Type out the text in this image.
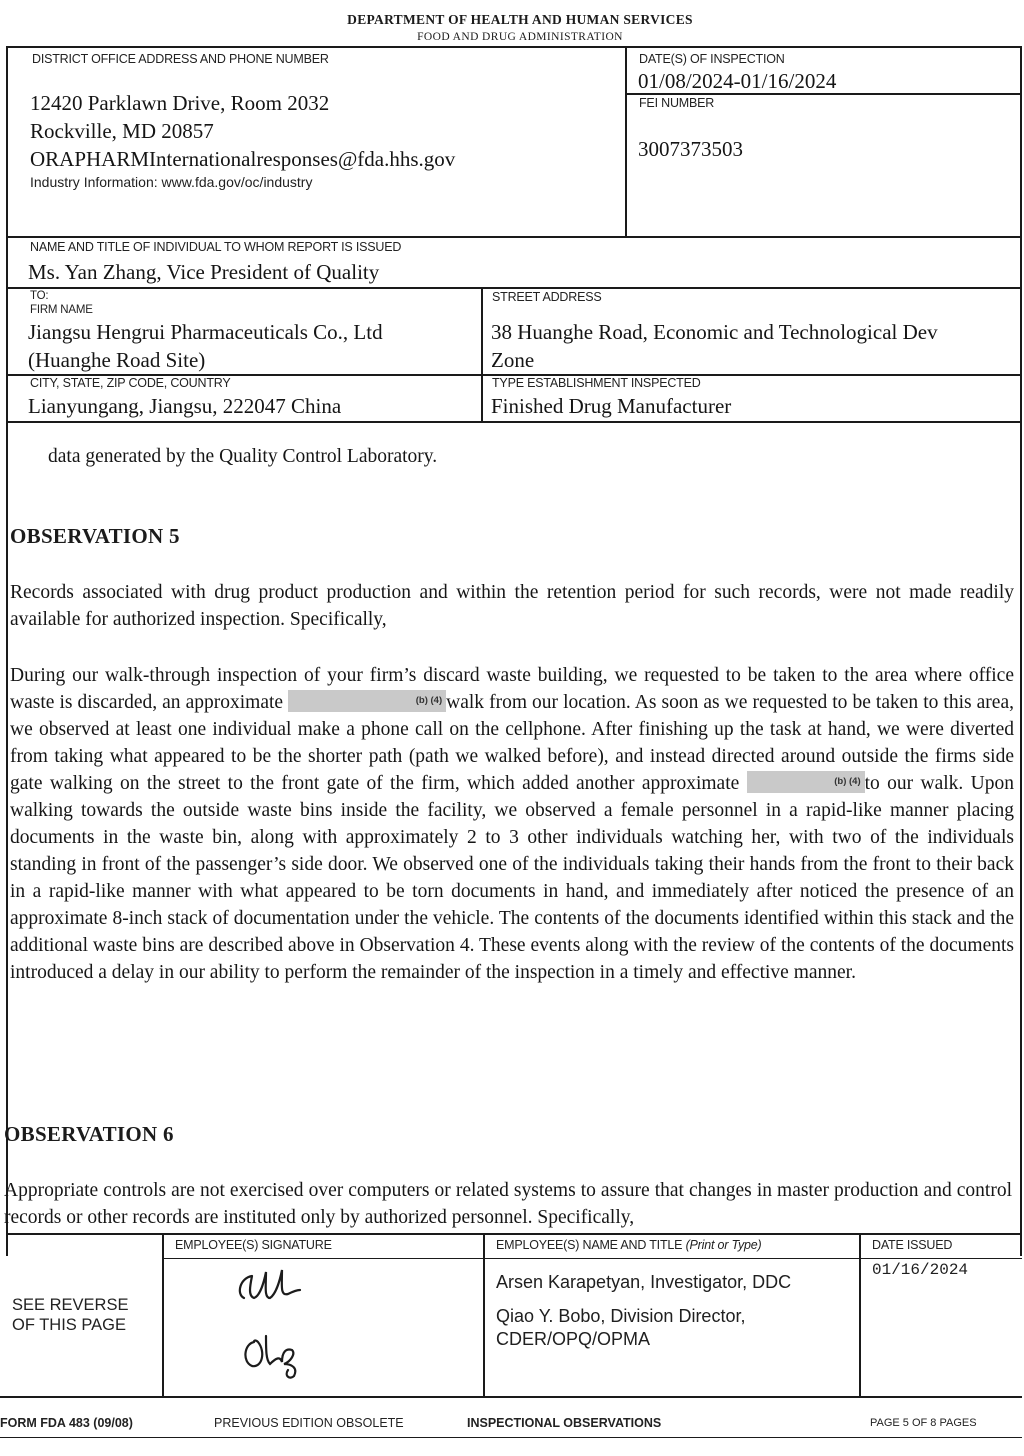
DEPARTMENT OF HEALTH AND HUMAN SERVICES
FOOD AND DRUG ADMINISTRATION
DISTRICT OFFICE ADDRESS AND PHONE NUMBER
12420 Parklawn Drive, Room 2032
Rockville, MD 20857
ORAPHARMInternationalresponses@fda.hhs.gov
Industry Information: www.fda.gov/oc/industry
DATE(S) OF INSPECTION
01/08/2024-01/16/2024
FEI NUMBER
3007373503
NAME AND TITLE OF INDIVIDUAL TO WHOM REPORT IS ISSUED
Ms. Yan Zhang, Vice President of Quality
TO:
FIRM NAME
Jiangsu Hengrui Pharmaceuticals Co., Ltd
(Huanghe Road Site)
STREET ADDRESS
38 Huanghe Road, Economic and Technological Dev
Zone
CITY, STATE, ZIP CODE, COUNTRY
Lianyungang, Jiangsu, 222047 China
TYPE ESTABLISHMENT INSPECTED
Finished Drug Manufacturer
data generated by the Quality Control Laboratory.
OBSERVATION 5
Records associated with drug product production and within the retention period for such records, were not made readily available for authorized inspection. Specifically,
During our walk-through inspection of your firm’s discard waste building, we requested to be taken to the area where office waste is discarded, an approximate	(b) (4) walk from our location. As soon as we requested to be taken to this area, we observed at least one individual make a phone call on the cellphone. After finishing up the task at hand, we were diverted from taking what appeared to be the shorter path (path we walked before), and instead directed around outside the firms side gate walking on the street to the front gate of the firm, which added another approximate	(b) (4) to our walk. Upon walking towards the outside waste bins inside the facility, we observed a female personnel in a rapid-like manner placing documents in the waste bin, along with approximately 2 to 3 other individuals watching her, with two of the individuals standing in front of the passenger’s side door. We observed one of the individuals taking their hands from the front to their back in a rapid-like manner with what appeared to be torn documents in hand, and immediately after noticed the presence of an approximate 8-inch stack of documentation under the vehicle. The contents of the documents identified within this stack and the additional waste bins are described above in Observation 4. These events along with the review of the contents of the documents introduced a delay in our ability to perform the remainder of the inspection in a timely and effective manner.
OBSERVATION 6
Appropriate controls are not exercised over computers or related systems to assure that changes in master production and control records or other records are instituted only by authorized personnel. Specifically,
SEE REVERSE
OF THIS PAGE
EMPLOYEE(S) SIGNATURE	EMPLOYEE(S) NAME AND TITLE (Print or Type)	DATE ISSUED
Arsen Karapetyan, Investigator, DDC
Qiao Y. Bobo, Division Director,
CDER/OPQ/OPMA
01/16/2024
FORM FDA 483 (09/08)	PREVIOUS EDITION OBSOLETE	INSPECTIONAL OBSERVATIONS	PAGE 5 OF 8 PAGES
